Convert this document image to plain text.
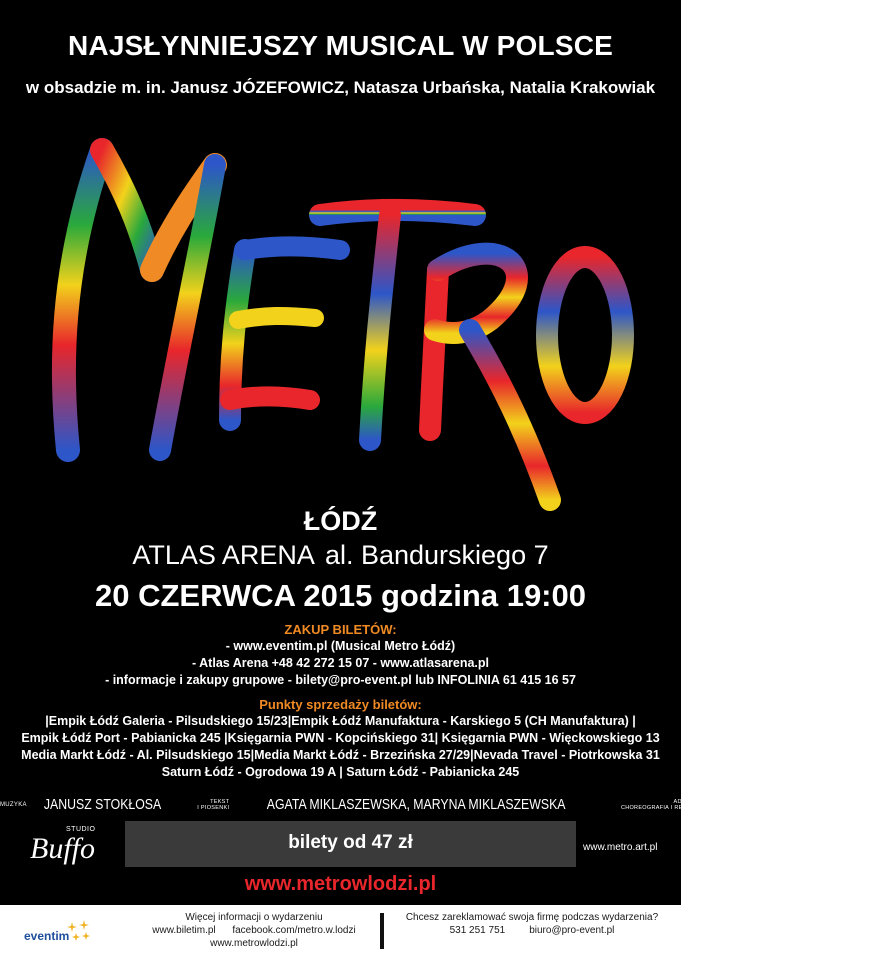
NAJSŁYNNIEJSZY MUSICAL W POLSCE
w obsadzie m. in. Janusz JÓZEFOWICZ, Natasza Urbańska, Natalia Krakowiak
ŁÓDŹ
ATLAS ARENA al. Bandurskiego 7
20 CZERWCA 2015 godzina 19:00
ZAKUP BILETÓW:
- www.eventim.pl (Musical Metro Łódź)
- Atlas Arena +48 42 272 15 07 - www.atlasarena.pl
- informacje i zakupy grupowe - bilety@pro-event.pl lub INFOLINIA 61 415 16 57
Punkty sprzedaży biletów:
|Empik Łódź Galeria - Pilsudskiego 15/23|Empik Łódź Manufaktura - Karskiego 5 (CH Manufaktura) |
Empik Łódź Port - Pabianicka 245 |Księgarnia PWN - Kopcińskiego 31| Księgarnia PWN - Więckowskiego 13
Media Markt Łódź - Al. Pilsudskiego 15|Media Markt Łódź - Brzezińska 27/29|Nevada Travel - Piotrkowska 31
Saturn Łódź - Ogrodowa 19 A | Saturn Łódź - Pabianicka 245
MUZYKA JANUSZ STOKŁOSA	TEKST
I PIOSENKI AGATA MIKLASZEWSKA, MARYNA MIKLASZEWSKA	ADAPTACJA
CHOREOGRAFIA I REŻYSERIA JANUSZ JÓZEFOWICZ
STUDIO
Buffo	bilety od 47 zł	www.metro.art.pl
www.metrowlodzi.pl
eventim
Więcej informacji o wydarzeniu
www.biletim.pl facebook.com/metro.w.lodzi
www.metrowlodzi.pl
Chcesz zareklamować swoja firmę podczas wydarzenia?
531 251 751 biuro@pro-event.pl
